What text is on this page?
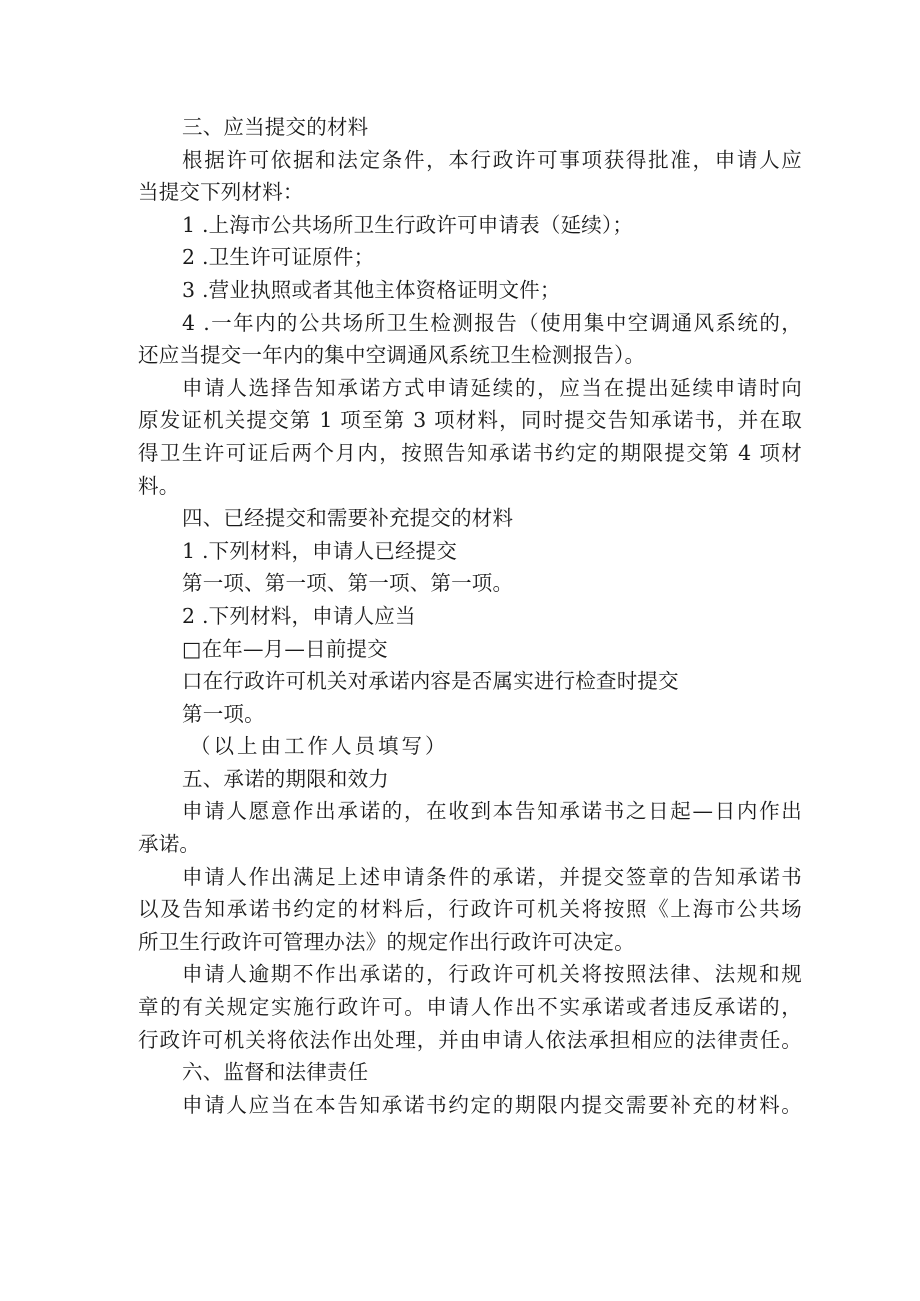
三、应当提交的材料
根据许可依据和法定条件，本行政许可事项获得批准，申请人应
当提交下列材料：
1 .上海市公共场所卫生行政许可申请表（延续）；
2 .卫生许可证原件；
3 .营业执照或者其他主体资格证明文件；
4 .一年内的公共场所卫生检测报告（使用集中空调通风系统的，
还应当提交一年内的集中空调通风系统卫生检测报告）。
申请人选择告知承诺方式申请延续的，应当在提出延续申请时向
原发证机关提交第 1 项至第 3 项材料，同时提交告知承诺书，并在取
得卫生许可证后两个月内，按照告知承诺书约定的期限提交第 4 项材
料。
四、已经提交和需要补充提交的材料
1 .下列材料，申请人已经提交
第一项、第一项、第一项、第一项。
2 .下列材料，申请人应当
□在年—月—日前提交
口在行政许可机关对承诺内容是否属实进行检查时提交
第一项。
（以上由工作人员填写）
五、承诺的期限和效力
申请人愿意作出承诺的，在收到本告知承诺书之日起—日内作出
承诺。
申请人作出满足上述申请条件的承诺，并提交签章的告知承诺书
以及告知承诺书约定的材料后，行政许可机关将按照《上海市公共场
所卫生行政许可管理办法》的规定作出行政许可决定。
申请人逾期不作出承诺的，行政许可机关将按照法律、法规和规
章的有关规定实施行政许可。申请人作出不实承诺或者违反承诺的，
行政许可机关将依法作出处理，并由申请人依法承担相应的法律责任。
六、监督和法律责任
申请人应当在本告知承诺书约定的期限内提交需要补充的材料。
